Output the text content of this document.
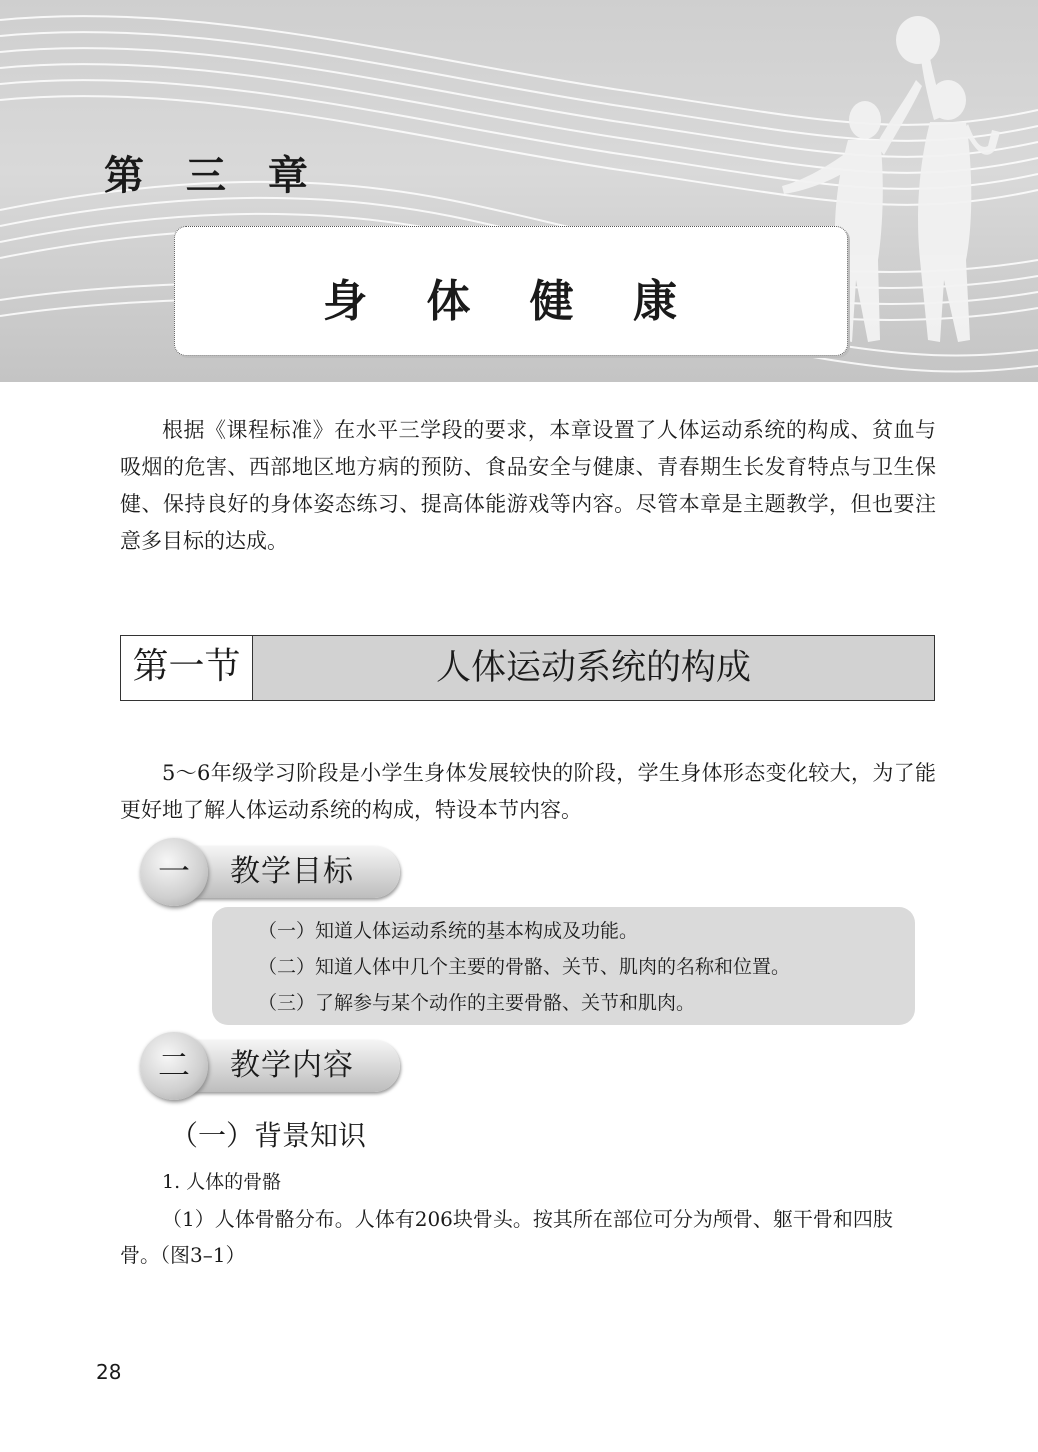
第 三 章
身 体 健 康

根据《课程标准》在水平三学段的要求，本章设置了人体运动系统的构成、贫血与吸烟的危害、西部地区地方病的预防、食品安全与健康、青春期生长发育特点与卫生保健、保持良好的身体姿态练习、提高体能游戏等内容。尽管本章是主题教学，但也要注意多目标的达成。

第一节	人体运动系统的构成

5～6年级学习阶段是小学生身体发展较快的阶段，学生身体形态变化较大，为了能更好地了解人体运动系统的构成，特设本节内容。

一	教学目标
（一）知道人体运动系统的基本构成及功能。
（二）知道人体中几个主要的骨骼、关节、肌肉的名称和位置。
（三）了解参与某个动作的主要骨骼、关节和肌肉。
二	教学内容
（一）背景知识
1. 人体的骨骼
（1）人体骨骼分布。人体有206块骨头。按其所在部位可分为颅骨、躯干骨和四肢
骨。（图3–1）
28
